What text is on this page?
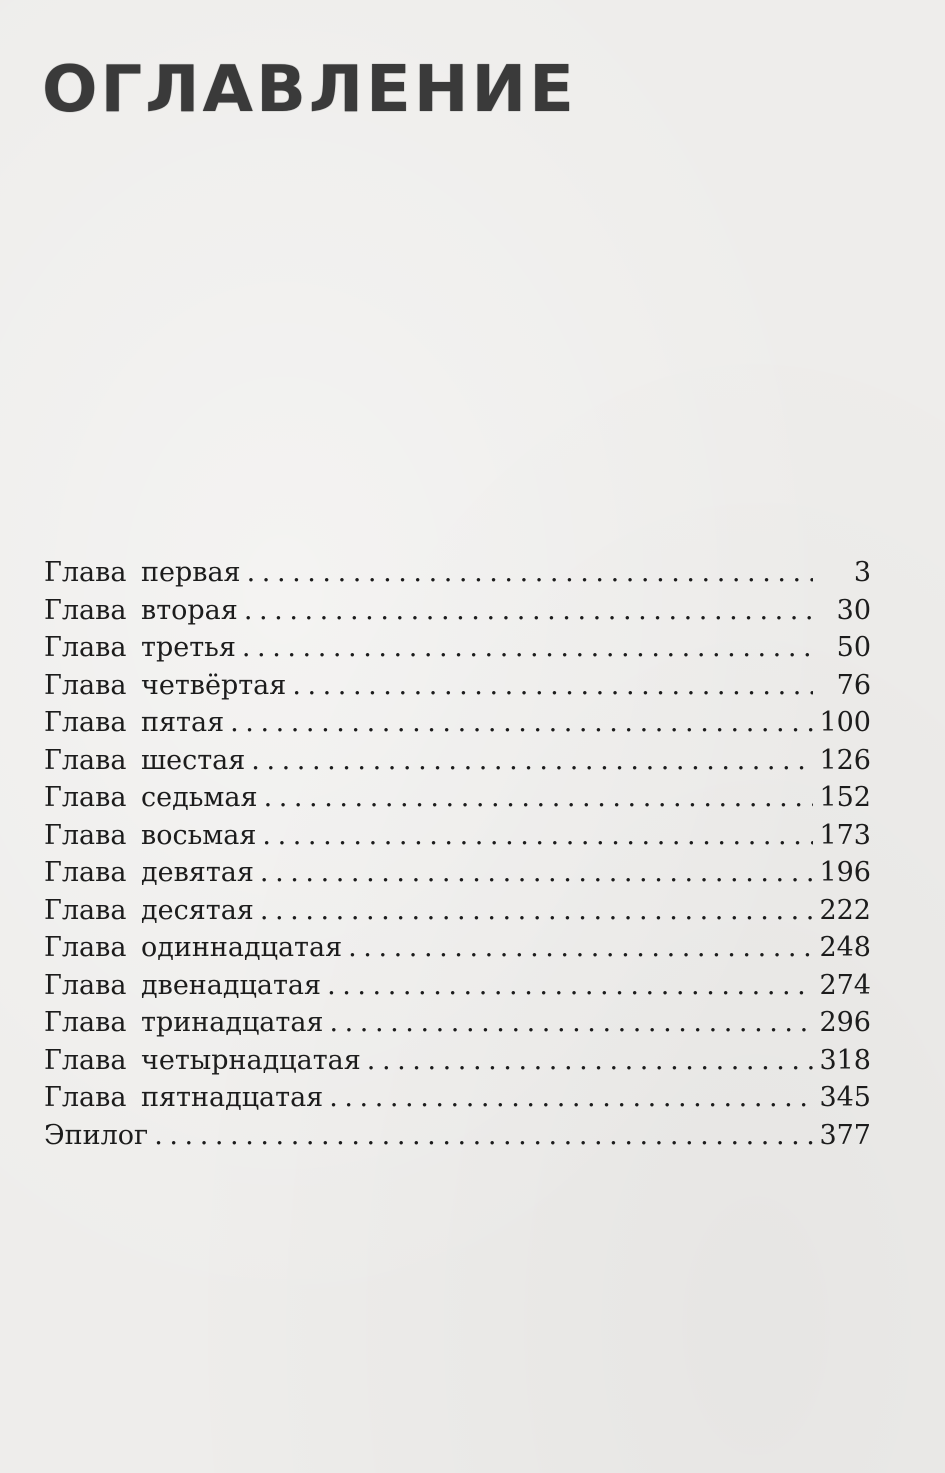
ОГЛАВЛЕНИЕ
Глава первая . . .	3
Глава вторая . . .	30
Глава третья . . .	50
Глава четвёртая . . .	76
Глава пятая . . .	100
Глава шестая . . .	126
Глава седьмая . . .	152
Глава восьмая . . .	173
Глава девятая . . .	196
Глава десятая . . .	222
Глава одиннадцатая . . .	248
Глава двенадцатая . . .	274
Глава тринадцатая . . .	296
Глава четырнадцатая . . .	318
Глава пятнадцатая . . .	345
Эпилог . . .	377
